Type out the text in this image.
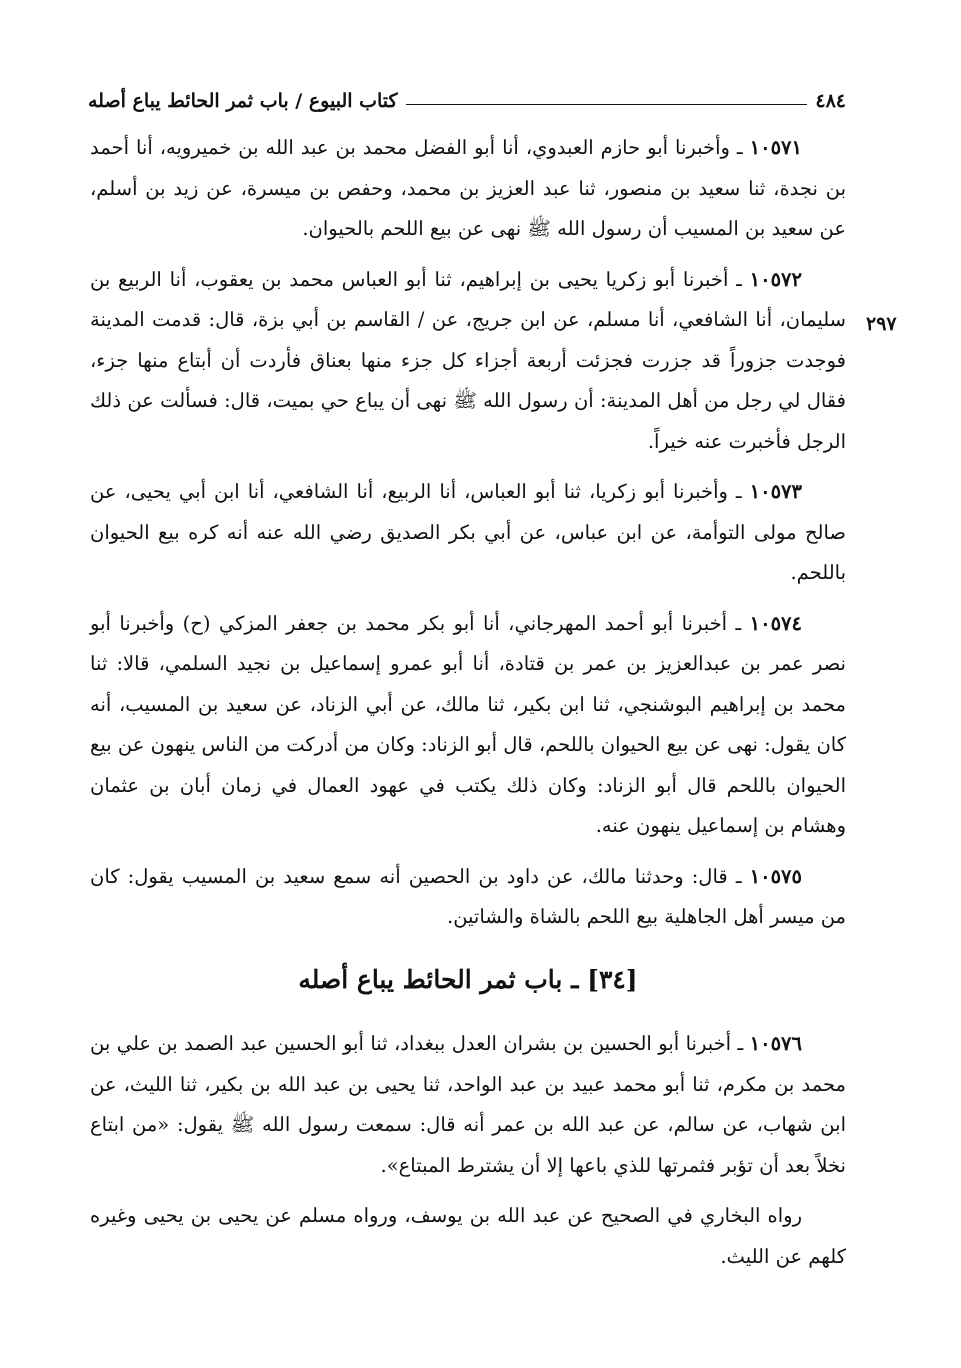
٤٨٤
كتاب البيوع / باب ثمر الحائط يباع أصله
٢٩٧

١٠٥٧١ ـ وأخبرنا أبو حازم العبدوي، أنا أبو الفضل محمد بن عبد الله بن خميرويه، أنا أحمد بن نجدة، ثنا سعيد بن منصور، ثنا عبد العزيز بن محمد، وحفص بن ميسرة، عن زيد بن أسلم، عن سعيد بن المسيب أن رسول الله ﷺ نهى عن بيع اللحم بالحيوان.

١٠٥٧٢ ـ أخبرنا أبو زكريا يحيى بن إبراهيم، ثنا أبو العباس محمد بن يعقوب، أنا الربيع بن سليمان، أنا الشافعي، أنا مسلم، عن ابن جريج، عن / القاسم بن أبي بزة، قال: قدمت المدينة فوجدت جزوراً قد جزرت فجزئت أربعة أجزاء كل جزء منها بعناق فأردت أن أبتاع منها جزء، فقال لي رجل من أهل المدينة: أن رسول الله ﷺ نهى أن يباع حي بميت، قال: فسألت عن ذلك الرجل فأخبرت عنه خيراً.

١٠٥٧٣ ـ وأخبرنا أبو زكريا، ثنا أبو العباس، أنا الربيع، أنا الشافعي، أنا ابن أبي يحيى، عن صالح مولى التوأمة، عن ابن عباس، عن أبي بكر الصديق رضي الله عنه أنه كره بيع الحيوان باللحم.

١٠٥٧٤ ـ أخبرنا أبو أحمد المهرجاني، أنا أبو بكر محمد بن جعفر المزكي (ح) وأخبرنا أبو نصر عمر بن عبدالعزيز بن عمر بن قتادة، أنا أبو عمرو إسماعيل بن نجيد السلمي، قالا: ثنا محمد بن إبراهيم البوشنجي، ثنا ابن بكير، ثنا مالك، عن أبي الزناد، عن سعيد بن المسيب، أنه كان يقول: نهى عن بيع الحيوان باللحم، قال أبو الزناد: وكان من أدركت من الناس ينهون عن بيع الحيوان باللحم قال أبو الزناد: وكان ذلك يكتب في عهود العمال في زمان أبان بن عثمان وهشام بن إسماعيل ينهون عنه.

١٠٥٧٥ ـ قال: وحدثنا مالك، عن داود بن الحصين أنه سمع سعيد بن المسيب يقول: كان من ميسر أهل الجاهلية بيع اللحم بالشاة والشاتين.

[٣٤] ـ باب ثمر الحائط يباع أصله

١٠٥٧٦ ـ أخبرنا أبو الحسين بن بشران العدل ببغداد، ثنا أبو الحسين عبد الصمد بن علي بن محمد بن مكرم، ثنا أبو محمد عبيد بن عبد الواحد، ثنا يحيى بن عبد الله بن بكير، ثنا الليث، عن ابن شهاب، عن سالم، عن عبد الله بن عمر أنه قال: سمعت رسول الله ﷺ يقول: «من ابتاع نخلاً بعد أن تؤبر فثمرتها للذي باعها إلا أن يشترط المبتاع».

رواه البخاري في الصحيح عن عبد الله بن يوسف، ورواه مسلم عن يحيى بن يحيى وغيره كلهم عن الليث.
